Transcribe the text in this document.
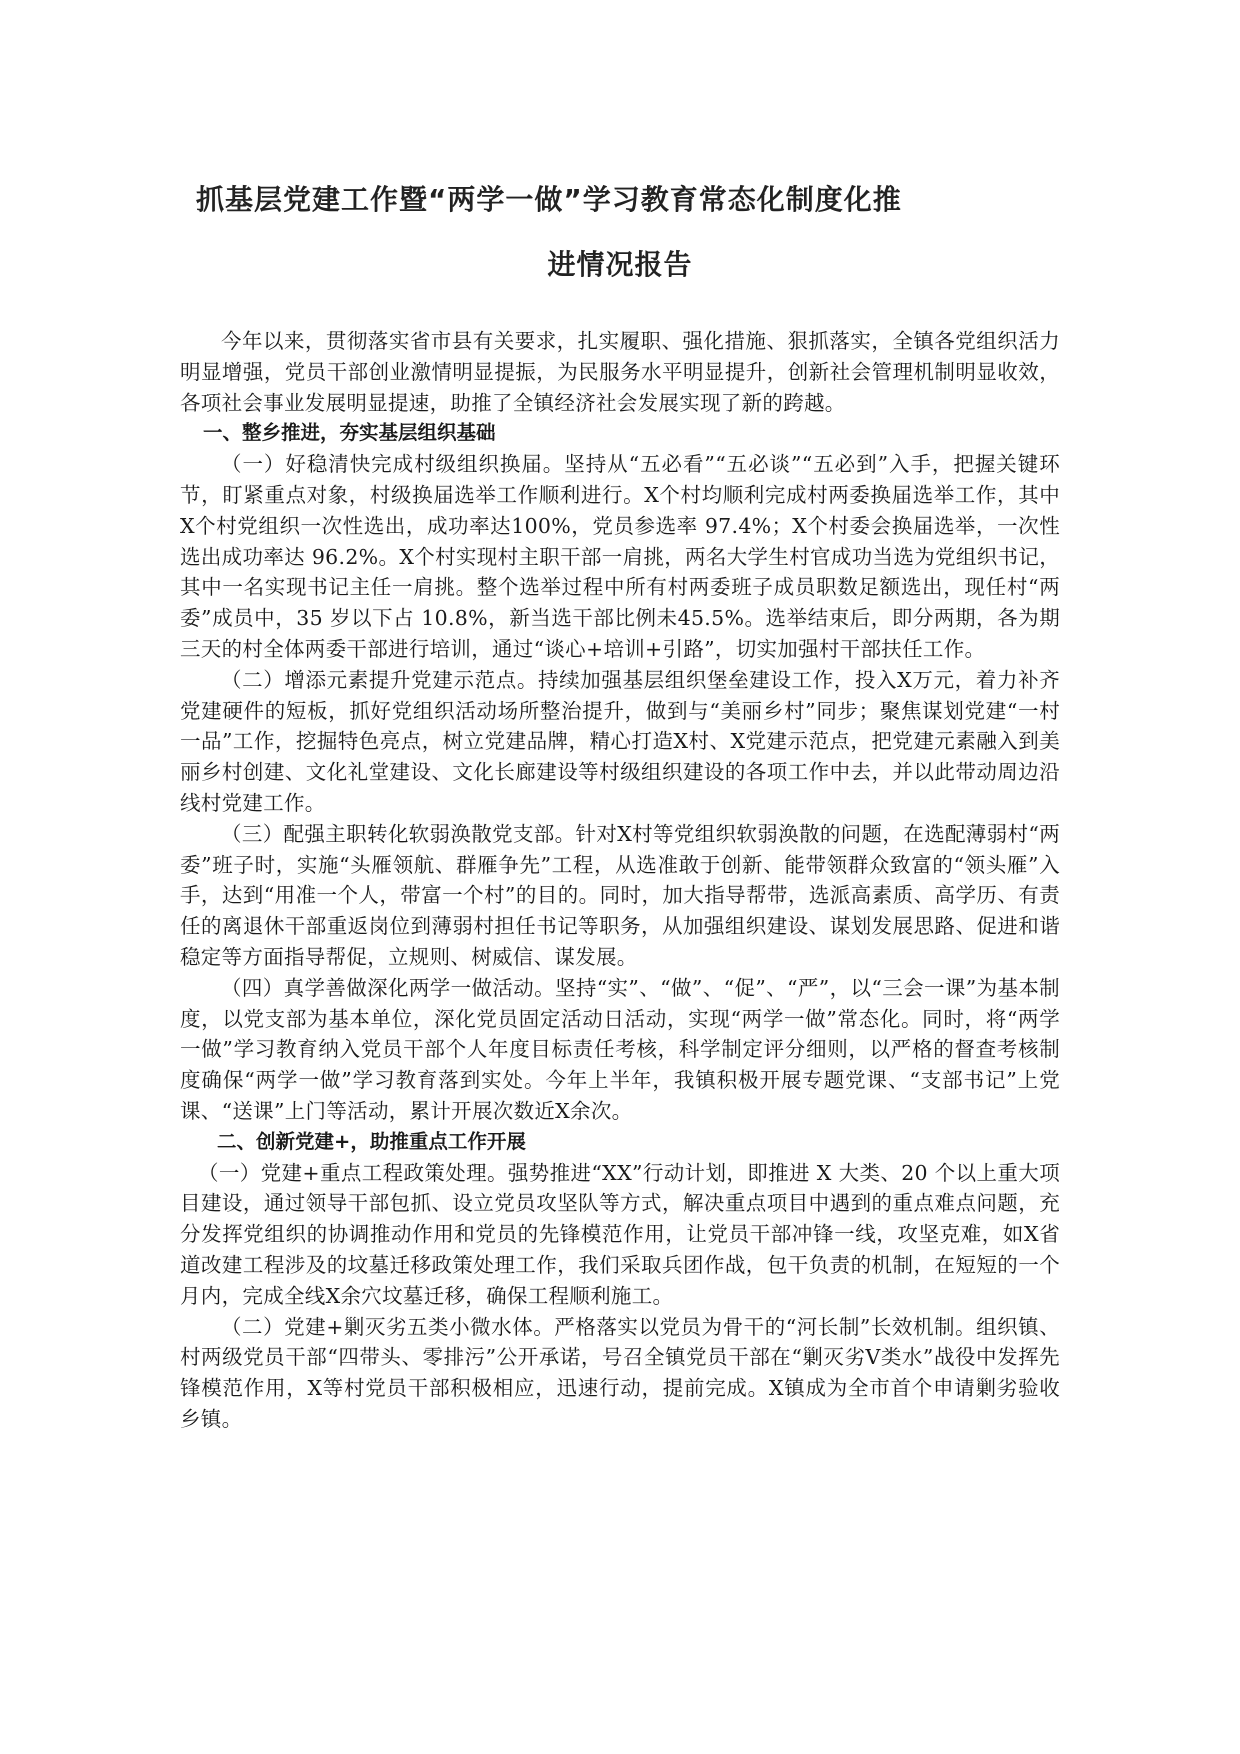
抓基层党建工作暨“两学一做”学习教育常态化制度化推
进情况报告

今年以来，贯彻落实省市县有关要求，扎实履职、强化措施、狠抓落实，全镇各党组织活力明显增强，党员干部创业激情明显提振，为民服务水平明显提升，创新社会管理机制明显收效，各项社会事业发展明显提速，助推了全镇经济社会发展实现了新的跨越。

一、整乡推进，夯实基层组织基础

（一）好稳清快完成村级组织换届。坚持从“五必看”“五必谈”“五必到”入手，把握关键环节，盯紧重点对象，村级换届选举工作顺利进行。X个村均顺利完成村两委换届选举工作，其中X个村党组织一次性选出，成功率达100%，党员参选率 97.4%；X个村委会换届选举，一次性选出成功率达 96.2%。X个村实现村主职干部一肩挑，两名大学生村官成功当选为党组织书记，其中一名实现书记主任一肩挑。整个选举过程中所有村两委班子成员职数足额选出，现任村“两委”成员中，35 岁以下占 10.8%，新当选干部比例未45.5%。选举结束后，即分两期，各为期三天的村全体两委干部进行培训，通过“谈心+培训+引路”，切实加强村干部扶任工作。

（二）增添元素提升党建示范点。持续加强基层组织堡垒建设工作，投入X万元，着力补齐党建硬件的短板，抓好党组织活动场所整治提升，做到与“美丽乡村”同步；聚焦谋划党建“一村一品”工作，挖掘特色亮点，树立党建品牌，精心打造X村、X党建示范点，把党建元素融入到美丽乡村创建、文化礼堂建设、文化长廊建设等村级组织建设的各项工作中去，并以此带动周边沿线村党建工作。

（三）配强主职转化软弱涣散党支部。针对X村等党组织软弱涣散的问题，在选配薄弱村“两委”班子时，实施“头雁领航、群雁争先”工程，从选准敢于创新、能带领群众致富的“领头雁”入手，达到“用准一个人，带富一个村”的目的。同时，加大指导帮带，选派高素质、高学历、有责任的离退休干部重返岗位到薄弱村担任书记等职务，从加强组织建设、谋划发展思路、促进和谐稳定等方面指导帮促，立规则、树威信、谋发展。

（四）真学善做深化两学一做活动。坚持“实”、“做”、“促”、“严”，以“三会一课”为基本制度，以党支部为基本单位，深化党员固定活动日活动，实现“两学一做”常态化。同时，将“两学一做”学习教育纳入党员干部个人年度目标责任考核，科学制定评分细则，以严格的督查考核制度确保“两学一做”学习教育落到实处。今年上半年，我镇积极开展专题党课、“支部书记”上党课、“送课”上门等活动，累计开展次数近X余次。

二、创新党建+，助推重点工作开展

（一）党建+重点工程政策处理。强势推进“XX”行动计划，即推进 X 大类、20 个以上重大项目建设，通过领导干部包抓、设立党员攻坚队等方式，解决重点项目中遇到的重点难点问题，充分发挥党组织的协调推动作用和党员的先锋模范作用，让党员干部冲锋一线，攻坚克难，如X省道改建工程涉及的坟墓迁移政策处理工作，我们采取兵团作战，包干负责的机制，在短短的一个月内，完成全线X余穴坟墓迁移，确保工程顺利施工。

（二）党建+剿灭劣五类小微水体。严格落实以党员为骨干的“河长制”长效机制。组织镇、村两级党员干部“四带头、零排污”公开承诺，号召全镇党员干部在“剿灭劣V类水”战役中发挥先锋模范作用，X等村党员干部积极相应，迅速行动，提前完成。X镇成为全市首个申请剿劣验收乡镇。
